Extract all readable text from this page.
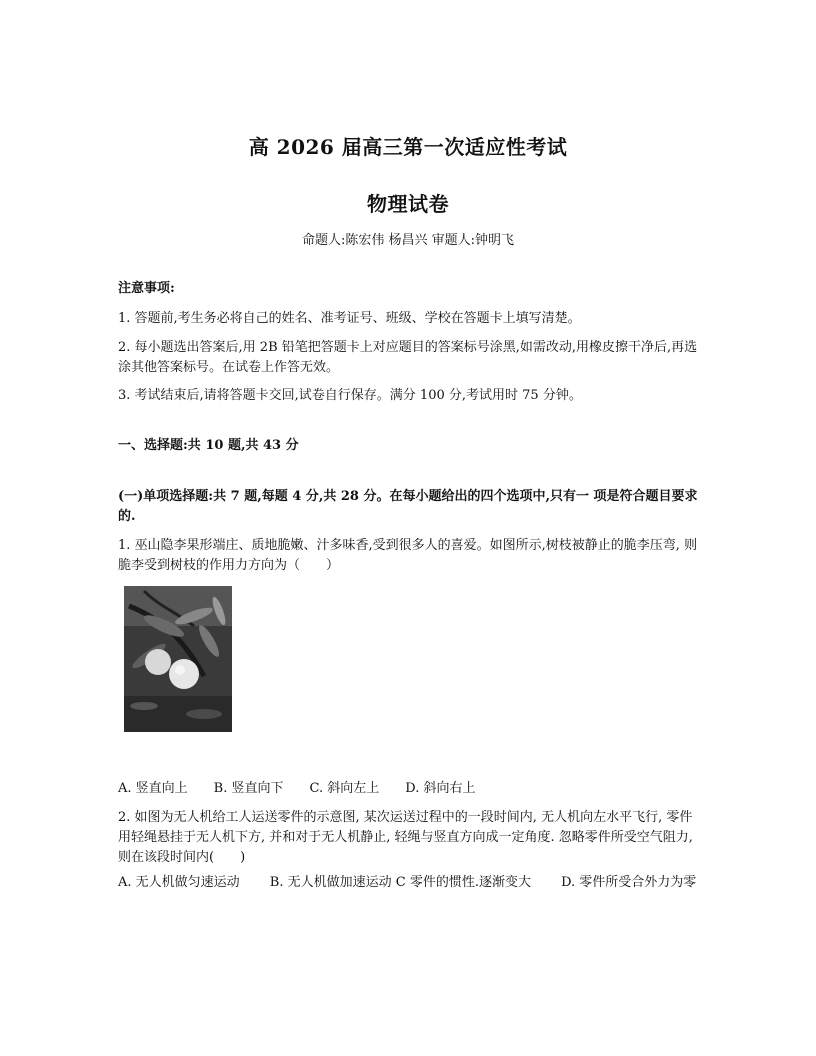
高 2026 届高三第一次适应性考试
物理试卷
命题人:陈宏伟 杨昌兴 审题人:钟明飞
注意事项:
1. 答题前,考生务必将自己的姓名、准考证号、班级、学校在答题卡上填写清楚。
2. 每小题选出答案后,用 2B 铅笔把答题卡上对应题目的答案标号涂黑,如需改动,用橡皮擦干净后,再选涂其他答案标号。在试卷上作答无效。
3. 考试结束后,请将答题卡交回,试卷自行保存。满分 100 分,考试用时 75 分钟。
一、选择题:共 10 题,共 43 分
(一)单项选择题:共 7 题,每题 4 分,共 28 分。在每小题给出的四个选项中,只有一 项是符合题目要求的.
1. 巫山隐李果形端庄、质地脆嫩、汁多味香,受到很多人的喜爱。如图所示,树枝被静止的脆李压弯, 则脆李受到树枝的作用力方向为（　　）
A. 竖直向上 B. 竖直向下 C. 斜向左上 D. 斜向右上
2. 如图为无人机给工人运送零件的示意图, 某次运送过程中的一段时间内, 无人机向左水平飞行, 零件用轻绳悬挂于无人机下方, 并和对于无人机静止, 轻绳与竖直方向成一定角度. 忽略零件所受空气阻力,则在该段时间内(　　)
A. 无人机做匀速运动　　 B. 无人机做加速运动 C 零件的惯性.逐渐变大　　 D. 零件所受合外力为零
